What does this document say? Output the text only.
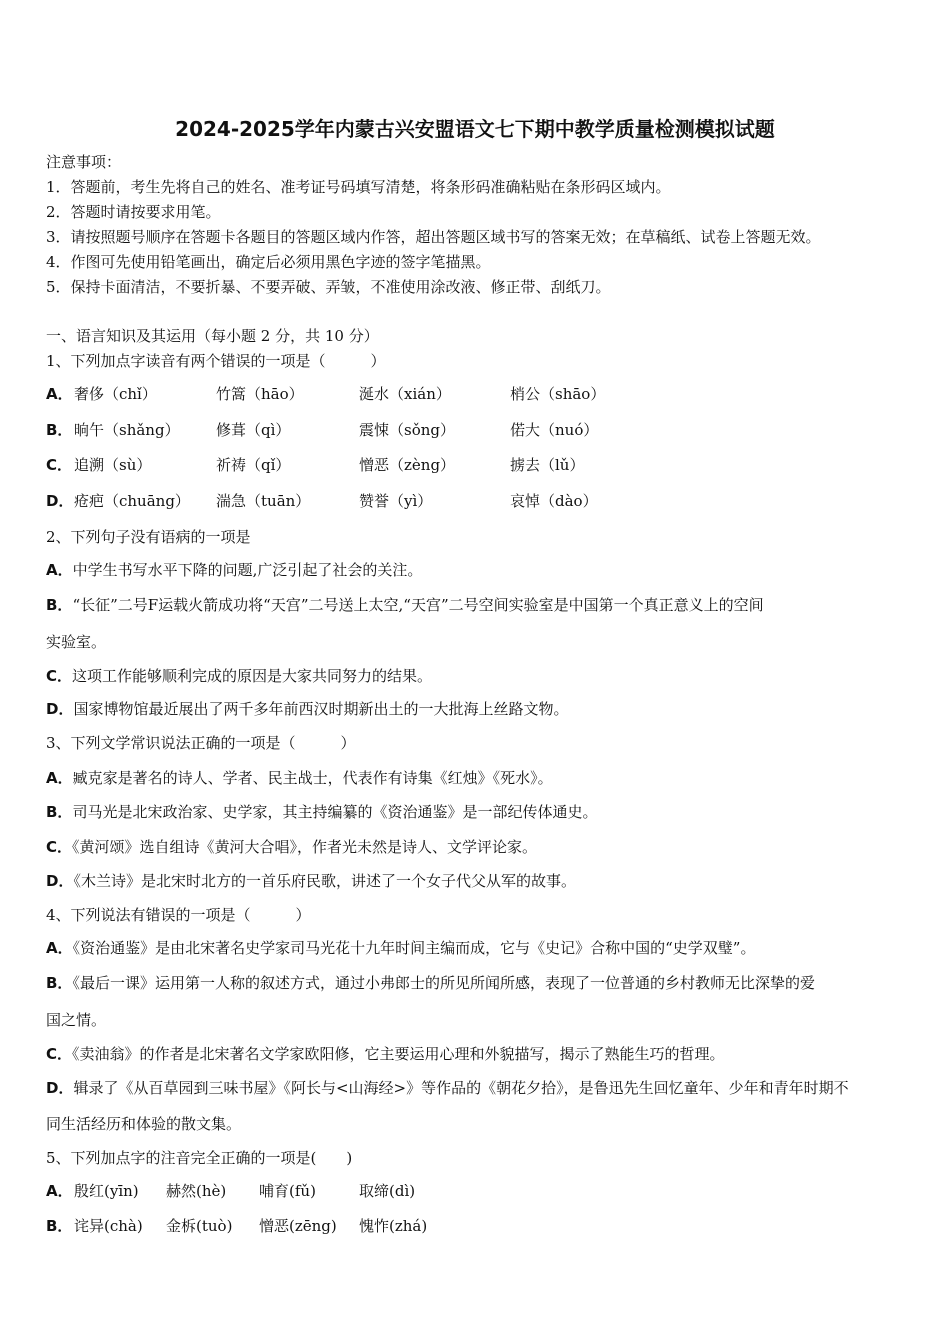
2024-2025学年内蒙古兴安盟语文七下期中教学质量检测模拟试题
注意事项：
1．答题前，考生先将自己的姓名、准考证号码填写清楚，将条形码准确粘贴在条形码区域内。
2．答题时请按要求用笔。
3．请按照题号顺序在答题卡各题目的答题区域内作答，超出答题区域书写的答案无效；在草稿纸、试卷上答题无效。
4．作图可先使用铅笔画出，确定后必须用黑色字迹的签字笔描黑。
5．保持卡面清洁，不要折暴、不要弄破、弄皱，不准使用涂改液、修正带、刮纸刀。
一、语言知识及其运用（每小题 2 分，共 10 分）
1、下列加点字读音有两个错误的一项是（　　　）
A． 奢侈（chǐ）	竹篙（hāo）	涎水（xián）	梢公（shāo）
B． 晌午（shǎng） 修葺（qì）	震悚（sǒng）	偌大（nuó）
C． 追溯（sù）	祈祷（qǐ）	憎恶（zèng）	掳去（lǔ）
D． 疮疤（chuāng） 湍急（tuān）	赞誉（yì）	哀悼（dào）
2、下列句子没有语病的一项是
A．中学生书写水平下降的问题,广泛引起了社会的关注。
B．“长征”二号F运载火箭成功将“天宫”二号送上太空,“天宫”二号空间实验室是中国第一个真正意义上的空间
实验室。
C．这项工作能够顺利完成的原因是大家共同努力的结果。
D．国家博物馆最近展出了两千多年前西汉时期新出土的一大批海上丝路文物。
3、下列文学常识说法正确的一项是（　　　）
A．臧克家是著名的诗人、学者、民主战士，代表作有诗集《红烛》《死水》。
B．司马光是北宋政治家、史学家，其主持编纂的《资治通鉴》是一部纪传体通史。
C．《黄河颂》选自组诗《黄河大合唱》，作者光未然是诗人、文学评论家。
D．《木兰诗》是北宋时北方的一首乐府民歌，讲述了一个女子代父从军的故事。
4、下列说法有错误的一项是（　　　）
A．《资治通鉴》是由北宋著名史学家司马光花十九年时间主编而成，它与《史记》合称中国的“史学双璧”。
B．《最后一课》运用第一人称的叙述方式，通过小弗郎士的所见所闻所感，表现了一位普通的乡村教师无比深挚的爱
国之情。
C．《卖油翁》的作者是北宋著名文学家欧阳修，它主要运用心理和外貌描写，揭示了熟能生巧的哲理。
D．辑录了《从百草园到三味书屋》《阿长与<山海经>》等作品的《朝花夕拾》，是鲁迅先生回忆童年、少年和青年时期不
同生活经历和体验的散文集。
5、下列加点字的注音完全正确的一项是(　　)
A． 殷红(yīn) 赫然(hè) 哺育(fǔ)	取缔(dì)
B． 诧异(chà) 金柝(tuò) 憎恶(zēng) 愧怍(zhá)
